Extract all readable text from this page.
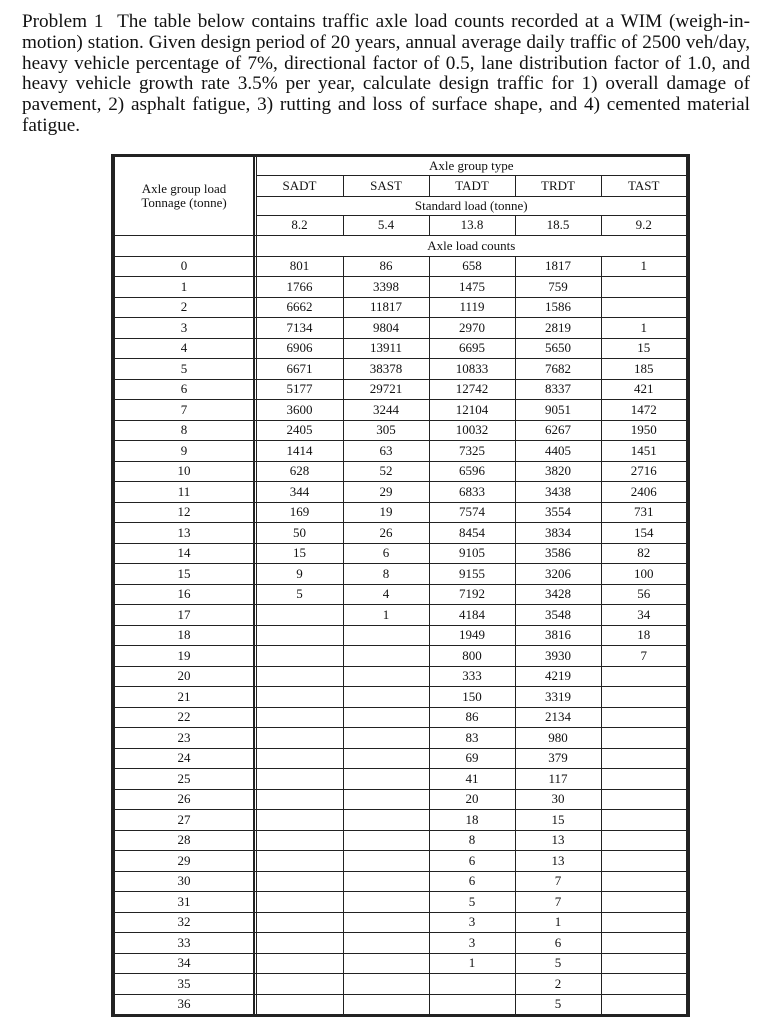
Problem 1 The table below contains traffic axle load counts recorded at a WIM (weigh-in-motion) station. Given design period of 20 years, annual average daily traffic of 2500 veh/day, heavy vehicle percentage of 7%, directional factor of 0.5, lane distribution factor of 1.0, and heavy vehicle growth rate 3.5% per year, calculate design traffic for 1) overall damage of pavement, 2) asphalt fatigue, 3) rutting and loss of surface shape, and 4) cemented material fatigue.

Axle group load
Tonnage (tonne)		Axle group type				
		SADT	SAST	TADT	TRDT	TAST
		Standard load (tonne)				
		8.2	5.4	13.8	18.5	9.2
		Axle load counts				
0		801	86	658	1817	1
1		1766	3398	1475	759	
2		6662	11817	1119	1586	
3		7134	9804	2970	2819	1
4		6906	13911	6695	5650	15
5		6671	38378	10833	7682	185
6		5177	29721	12742	8337	421
7		3600	3244	12104	9051	1472
8		2405	305	10032	6267	1950
9		1414	63	7325	4405	1451
10		628	52	6596	3820	2716
11		344	29	6833	3438	2406
12		169	19	7574	3554	731
13		50	26	8454	3834	154
14		15	6	9105	3586	82
15		9	8	9155	3206	100
16		5	4	7192	3428	56
17			1	4184	3548	34
18				1949	3816	18
19				800	3930	7
20				333	4219	
21				150	3319	
22				86	2134	
23				83	980	
24				69	379	
25				41	117	
26				20	30	
27				18	15	
28				8	13	
29				6	13	
30				6	7	
31				5	7	
32				3	1	
33				3	6	
34				1	5	
35					2	
36					5	
